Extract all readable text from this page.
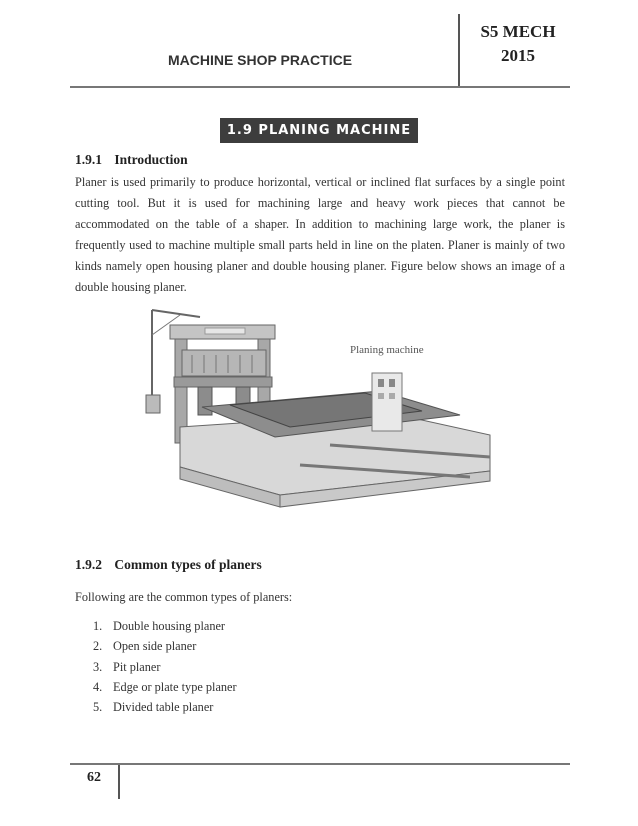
MACHINE SHOP PRACTICE
S5 MECH
2015
1.9 PLANING MACHINE
1.9.1 Introduction
Planer is used primarily to produce horizontal, vertical or inclined flat surfaces by a single point cutting tool. But it is used for machining large and heavy work pieces that cannot be accommodated on the table of a shaper. In addition to machining large work, the planer is frequently used to machine multiple small parts held in line on the platen. Planer is mainly of two kinds namely open housing planer and double housing planer. Figure below shows an image of a double housing planer.
Planing machine
1.9.2 Common types of planers
Following are the common types of planers:
1. Double housing planer
2. Open side planer
3. Pit planer
4. Edge or plate type planer
5. Divided table planer
62
